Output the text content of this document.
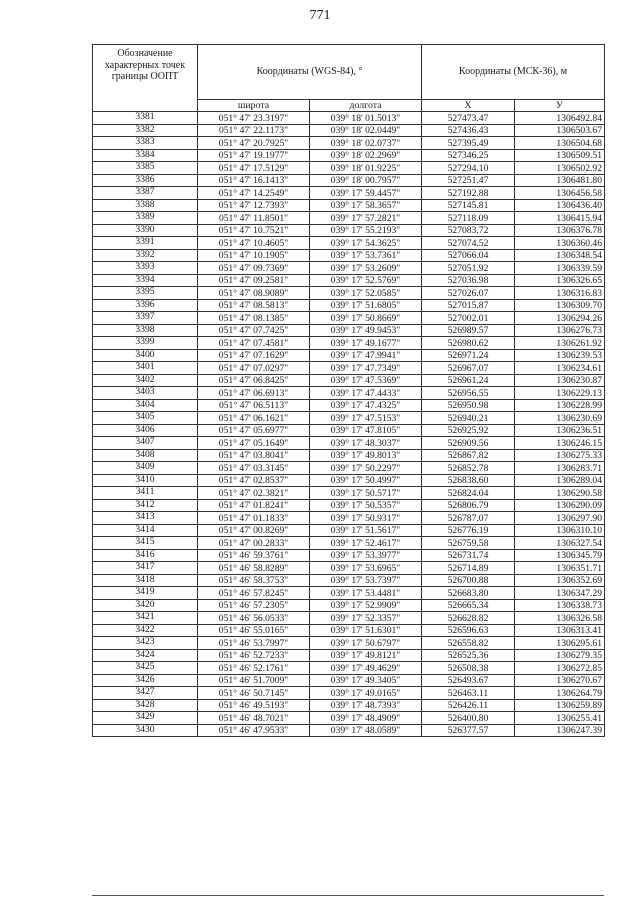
771
Обозначение характерных точек границы ООПТ	Координаты (WGS-84), °		Координаты (МСК-36), м	
	широта	долгота	X	У
3381	051° 47' 23.3197"	039° 18' 01.5013"	527473.47	1306492.84
3382	051° 47' 22.1173"	039° 18' 02.0449"	527436.43	1306503.67
3383	051° 47' 20.7925"	039° 18' 02.0737"	527395.49	1306504.68
3384	051° 47' 19.1977"	039° 18' 02.2969"	527346.25	1306509.51
3385	051° 47' 17.5129"	039° 18' 01.9225"	527294.10	1306502.92
3386	051° 47' 16.1413"	039° 18' 00.7957"	527251.47	1306481.80
3387	051° 47' 14.2549"	039° 17' 59.4457"	527192.88	1306456.58
3388	051° 47' 12.7393"	039° 17' 58.3657"	527145.81	1306436.40
3389	051° 47' 11.8501"	039° 17' 57.2821"	527118.09	1306415.94
3390	051° 47' 10.7521"	039° 17' 55.2193"	527083.72	1306376.78
3391	051° 47' 10.4605"	039° 17' 54.3625"	527074.52	1306360.46
3392	051° 47' 10.1905"	039° 17' 53.7361"	527066.04	1306348.54
3393	051° 47' 09.7369"	039° 17' 53.2609"	527051.92	1306339.59
3394	051° 47' 09.2581"	039° 17' 52.5769"	527036.98	1306326.65
3395	051° 47' 08.9089"	039° 17' 52.0585"	527026.07	1306316.83
3396	051° 47' 08.5813"	039° 17' 51.6805"	527015.87	1306309.70
3397	051° 47' 08.1385"	039° 17' 50.8669"	527002.01	1306294.26
3398	051° 47' 07.7425"	039° 17' 49.9453"	526989.57	1306276.73
3399	051° 47' 07.4581"	039° 17' 49.1677"	526980.62	1306261.92
3400	051° 47' 07.1629"	039° 17' 47.9941"	526971.24	1306239.53
3401	051° 47' 07.0297"	039° 17' 47.7349"	526967.07	1306234.61
3402	051° 47' 06.8425"	039° 17' 47.5369"	526961.24	1306230.87
3403	051° 47' 06.6913"	039° 17' 47.4433"	526956.55	1306229.13
3404	051° 47' 06.5113"	039° 17' 47.4325"	526950.98	1306228.99
3405	051° 47' 06.1621"	039° 17' 47.5153"	526940.21	1306230.69
3406	051° 47' 05.6977"	039° 17' 47.8105"	526925.92	1306236.51
3407	051° 47' 05.1649"	039° 17' 48.3037"	526909.56	1306246.15
3408	051° 47' 03.8041"	039° 17' 49.8013"	526867.82	1306275.33
3409	051° 47' 03.3145"	039° 17' 50.2297"	526852.78	1306283.71
3410	051° 47' 02.8537"	039° 17' 50.4997"	526838.60	1306289.04
3411	051° 47' 02.3821"	039° 17' 50.5717"	526824.04	1306290.58
3412	051° 47' 01.8241"	039° 17' 50.5357"	526806.79	1306290.09
3413	051° 47' 01.1833"	039° 17' 50.9317"	526787.07	1306297.90
3414	051° 47' 00.8269"	039° 17' 51.5617"	526776.19	1306310.10
3415	051° 47' 00.2833"	039° 17' 52.4617"	526759.58	1306327.54
3416	051° 46' 59.3761"	039° 17' 53.3977"	526731.74	1306345.79
3417	051° 46' 58.8289"	039° 17' 53.6965"	526714.89	1306351.71
3418	051° 46' 58.3753"	039° 17' 53.7397"	526700.88	1306352.69
3419	051° 46' 57.8245"	039° 17' 53.4481"	526683.80	1306347.29
3420	051° 46' 57.2305"	039° 17' 52.9909"	526665.34	1306338.73
3421	051° 46' 56.0533"	039° 17' 52.3357"	526628.82	1306326.58
3422	051° 46' 55.0165"	039° 17' 51.6301"	526596.63	1306313.41
3423	051° 46' 53.7997"	039° 17' 50.6797"	526558.82	1306295.61
3424	051° 46' 52.7233"	039° 17' 49.8121"	526525.36	1306279.35
3425	051° 46' 52.1761"	039° 17' 49.4629"	526508.38	1306272.85
3426	051° 46' 51.7009"	039° 17' 49.3405"	526493.67	1306270.67
3427	051° 46' 50.7145"	039° 17' 49.0165"	526463.11	1306264.79
3428	051° 46' 49.5193"	039° 17' 48.7393"	526426.11	1306259.89
3429	051° 46' 48.7021"	039° 17' 48.4909"	526400.80	1306255.41
3430	051° 46' 47.9533"	039° 17' 48.0589"	526377.57	1306247.39
